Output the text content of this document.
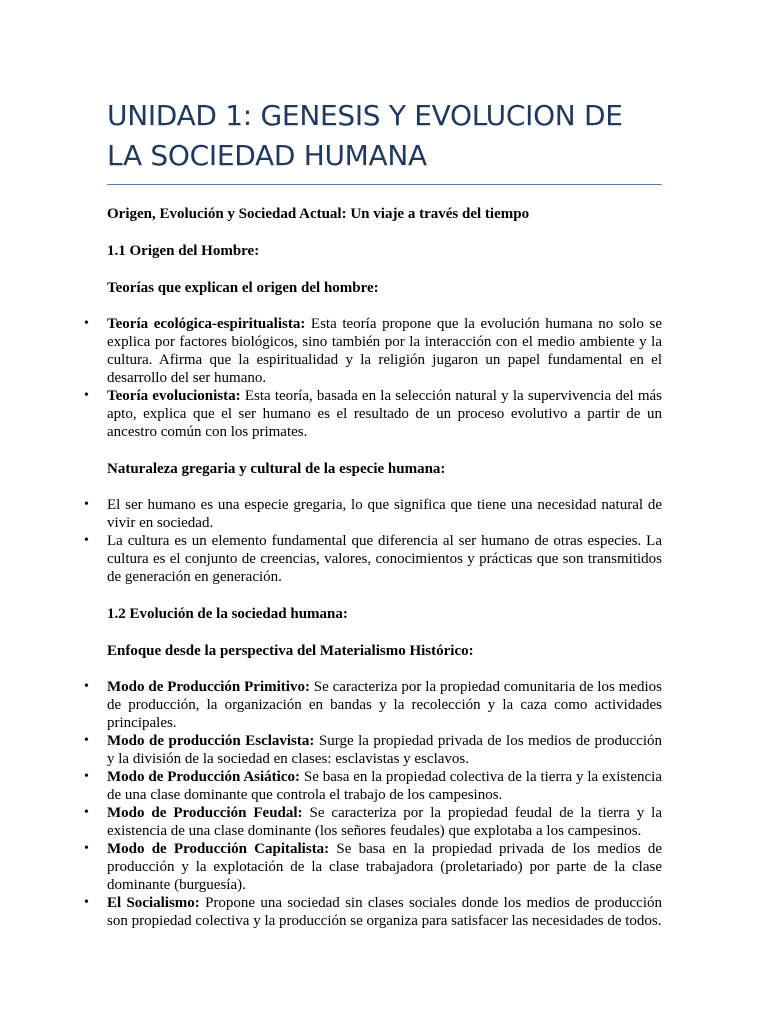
UNIDAD 1: GENESIS Y EVOLUCION DE LA SOCIEDAD HUMANA

Origen, Evolución y Sociedad Actual: Un viaje a través del tiempo

1.1 Origen del Hombre:

Teorías que explican el origen del hombre:

• Teoría ecológica-espiritualista: Esta teoría propone que la evolución humana no solo se explica por factores biológicos, sino también por la interacción con el medio ambiente y la cultura. Afirma que la espiritualidad y la religión jugaron un papel fundamental en el desarrollo del ser humano.
• Teoría evolucionista: Esta teoría, basada en la selección natural y la supervivencia del más apto, explica que el ser humano es el resultado de un proceso evolutivo a partir de un ancestro común con los primates.

Naturaleza gregaria y cultural de la especie humana:

• El ser humano es una especie gregaria, lo que significa que tiene una necesidad natural de vivir en sociedad.
• La cultura es un elemento fundamental que diferencia al ser humano de otras especies. La cultura es el conjunto de creencias, valores, conocimientos y prácticas que son transmitidos de generación en generación.

1.2 Evolución de la sociedad humana:

Enfoque desde la perspectiva del Materialismo Histórico:

• Modo de Producción Primitivo: Se caracteriza por la propiedad comunitaria de los medios de producción, la organización en bandas y la recolección y la caza como actividades principales.
• Modo de producción Esclavista: Surge la propiedad privada de los medios de producción y la división de la sociedad en clases: esclavistas y esclavos.
• Modo de Producción Asiático: Se basa en la propiedad colectiva de la tierra y la existencia de una clase dominante que controla el trabajo de los campesinos.
• Modo de Producción Feudal: Se caracteriza por la propiedad feudal de la tierra y la existencia de una clase dominante (los señores feudales) que explotaba a los campesinos.
• Modo de Producción Capitalista: Se basa en la propiedad privada de los medios de producción y la explotación de la clase trabajadora (proletariado) por parte de la clase dominante (burguesía).
• El Socialismo: Propone una sociedad sin clases sociales donde los medios de producción son propiedad colectiva y la producción se organiza para satisfacer las necesidades de todos.
